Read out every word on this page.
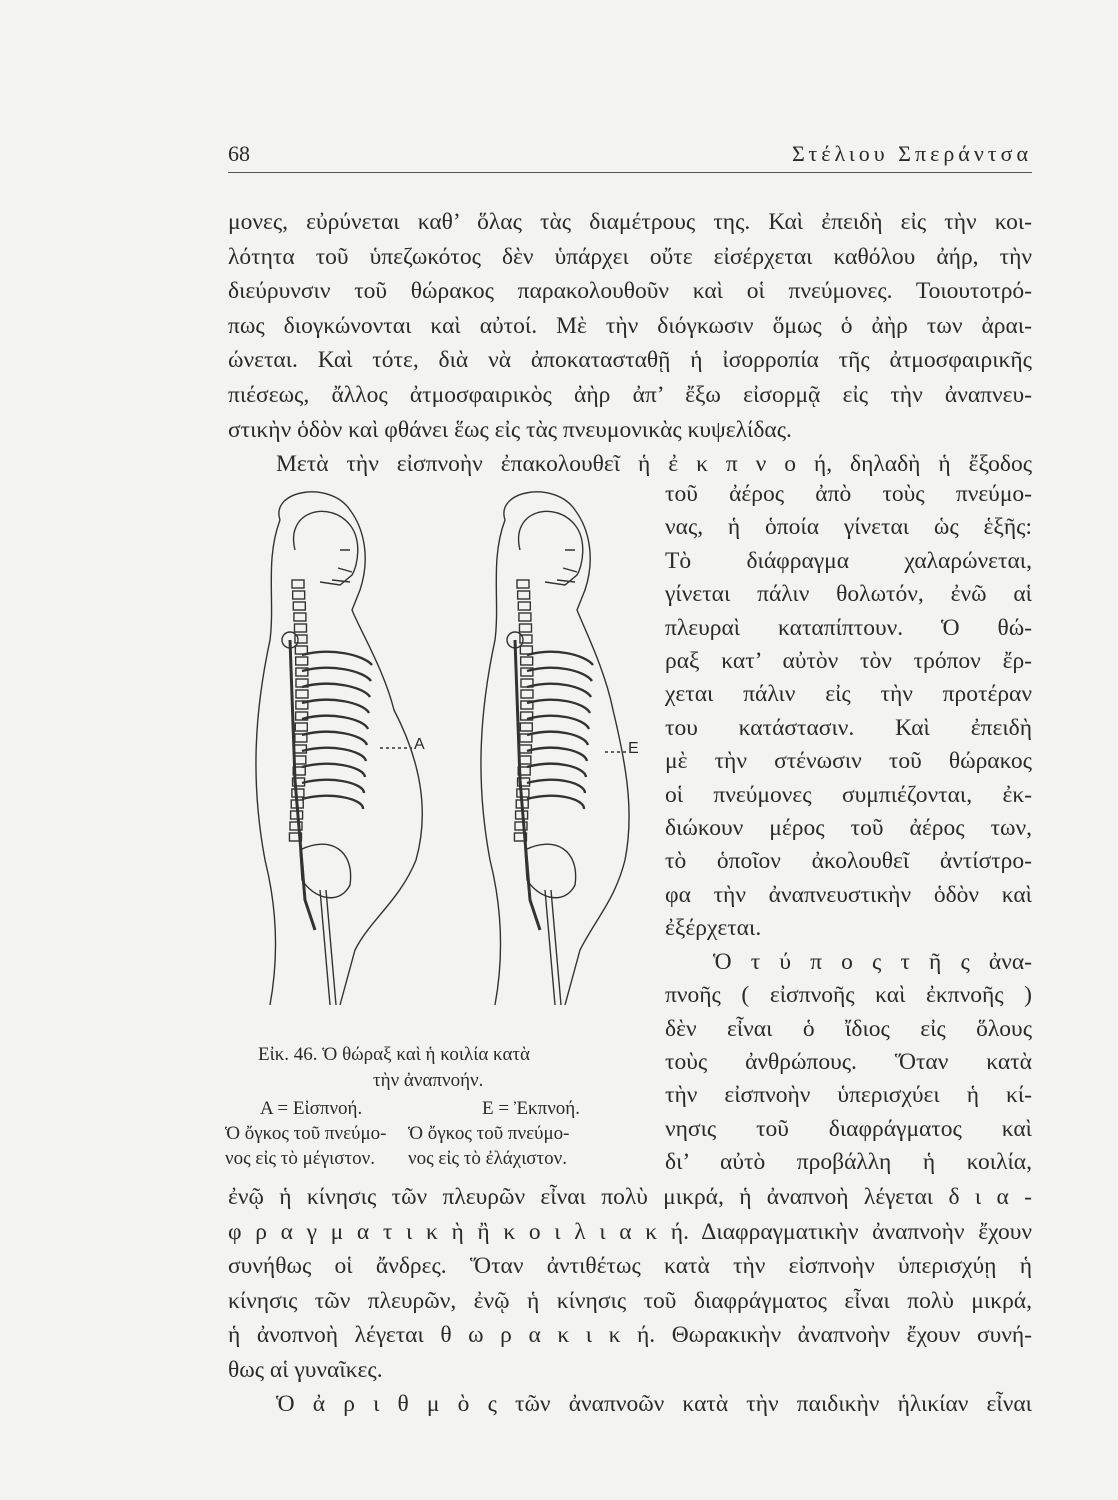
68	Στέλιου Σπεράντσα
μονες, εὐρύνεται καθ’ ὅλας τὰς διαμέτρους της. Καὶ ἐπειδὴ εἰς τὴν κοι-
λότητα τοῦ ὑπεζωκότος δὲν ὑπάρχει οὔτε εἰσέρχεται καθόλου ἀήρ, τὴν
διεύρυνσιν τοῦ θώρακος παρακολουθοῦν καὶ οἱ πνεύμονες. Τοιουτοτρό-
πως διογκώνονται καὶ αὐτοί. Μὲ τὴν διόγκωσιν ὅμως ὁ ἀὴρ των ἀραι-
ώνεται. Καὶ τότε, διὰ νὰ ἀποκατασταθῇ ἡ ἰσορροπία τῆς ἀτμοσφαιρικῆς
πιέσεως, ἄλλος ἀτμοσφαιρικὸς ἀὴρ ἀπ’ ἔξω εἰσορμᾷ εἰς τὴν ἀναπνευ-
στικὴν ὁδὸν καὶ φθάνει ἕως εἰς τὰς πνευμονικὰς κυψελίδας.
Μετὰ τὴν εἰσπνοὴν ἐπακολουθεῖ ἡ ἐ κ π ν ο ή, δηλαδὴ ἡ ἔξοδος
τοῦ ἀέρος ἀπὸ τοὺς πνεύμο-
νας, ἡ ὁποία γίνεται ὡς ἑξῆς:
Τὸ διάφραγμα χαλαρώνεται,
γίνεται πάλιν θολωτόν, ἐνῶ αἱ
πλευραὶ καταπίπτουν. Ὁ θώ-
ραξ κατ’ αὐτὸν τὸν τρόπον ἔρ-
χεται πάλιν εἰς τὴν προτέραν
του κατάστασιν. Καὶ ἐπειδὴ
μὲ τὴν στένωσιν τοῦ θώρακος
οἱ πνεύμονες συμπιέζονται, ἐκ-
διώκουν μέρος τοῦ ἀέρος των,
τὸ ὁποῖον ἀκολουθεῖ ἀντίστρο-
φα τὴν ἀναπνευστικὴν ὁδὸν καὶ
ἐξέρχεται.
Ὁ τ ύ π ο ς τ ῆ ς ἀνα-
πνοῆς ( εἰσπνοῆς καὶ ἐκπνοῆς )
δὲν εἶναι ὁ ἴδιος εἰς ὅλους
τοὺς ἀνθρώπους. Ὅταν κατὰ
τὴν εἰσπνοὴν ὑπερισχύει ἡ κί-
νησις τοῦ διαφράγματος καὶ
δι’ αὐτὸ προβάλλη ἡ κοιλία,
ἐνῷ ἡ κίνησις τῶν πλευρῶν εἶναι πολὺ μικρά, ἡ ἀναπνοὴ λέγεται δ ι α -
φ ρ α γ μ α τ ι κ ὴ ἢ κ ο ι λ ι α κ ή. Διαφραγματικὴν ἀναπνοὴν ἔχουν
συνήθως οἱ ἄνδρες. Ὅταν ἀντιθέτως κατὰ τὴν εἰσπνοὴν ὑπερισχύῃ ἡ
κίνησις τῶν πλευρῶν, ἐνῷ ἡ κίνησις τοῦ διαφράγματος εἶναι πολὺ μικρά,
ἡ ἀνοπνοὴ λέγεται θ ω ρ α κ ι κ ή. Θωρακικὴν ἀναπνοὴν ἔχουν συνή-
θως αἱ γυναῖκες.
Ὁ ἀ ρ ι θ μ ὸ ς τῶν ἀναπνοῶν κατὰ τὴν παιδικὴν ἡλικίαν εἶναι
A	E
Εἰκ. 46. Ὁ θώραξ καὶ ἡ κοιλία κατὰ
τὴν ἀναπνοήν.
Α = Εἰσπνοή.	Ε = Ἐκπνοή.
Ὁ ὄγκος τοῦ πνεύμο-
νος εἰς τὸ μέγιστον.
Ὁ ὄγκος τοῦ πνεύμο-
νος εἰς τὸ ἐλάχιστον.
